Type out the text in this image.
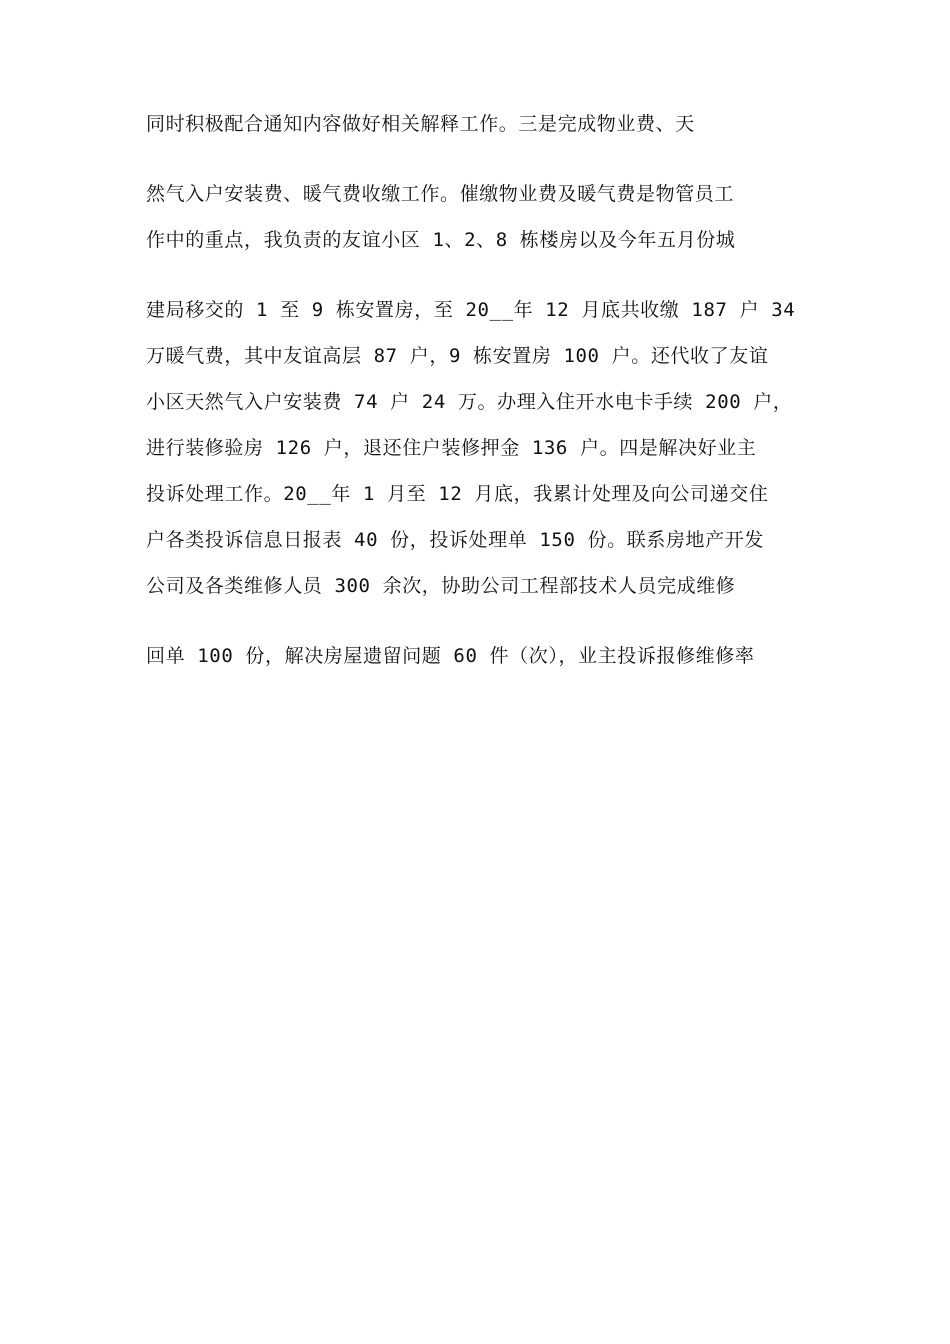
同时积极配合通知内容做好相关解释工作。三是完成物业费、天
然气入户安装费、暖气费收缴工作。催缴物业费及暖气费是物管员工
作中的重点，我负责的友谊小区 1、2、8 栋楼房以及今年五月份城
建局移交的 1 至 9 栋安置房，至 20__年 12 月底共收缴 187 户 34
万暖气费，其中友谊高层 87 户，9 栋安置房 100 户。还代收了友谊
小区天然气入户安装费 74 户 24 万。办理入住开水电卡手续 200 户，
进行装修验房 126 户，退还住户装修押金 136 户。四是解决好业主
投诉处理工作。20__年 1 月至 12 月底，我累计处理及向公司递交住
户各类投诉信息日报表 40 份，投诉处理单 150 份。联系房地产开发
公司及各类维修人员 300 余次，协助公司工程部技术人员完成维修
回单 100 份，解决房屋遗留问题 60 件（次），业主投诉报修维修率
